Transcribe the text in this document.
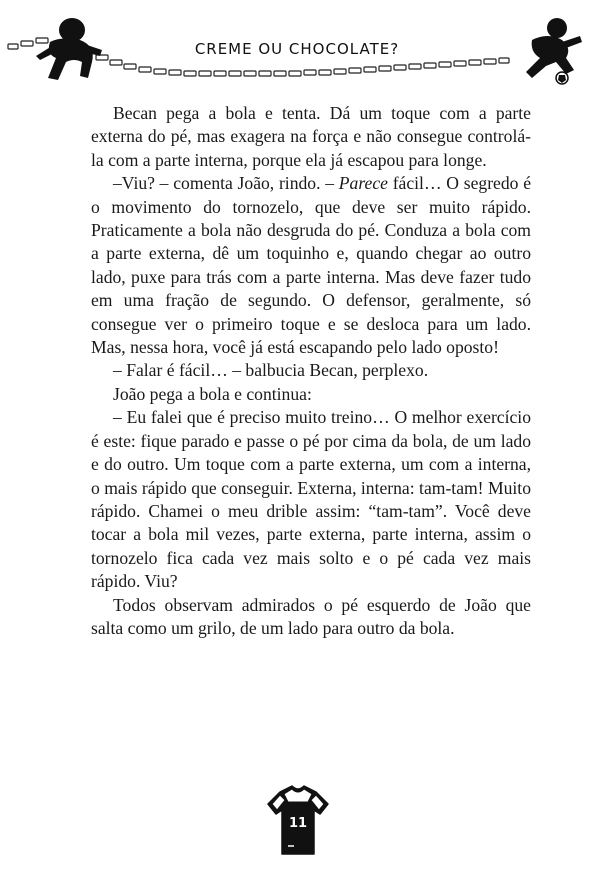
CREME OU CHOCOLATE?

Becan pega a bola e tenta. Dá um toque com a parte externa do pé, mas exagera na força e não consegue controlá-la com a parte interna, porque ela já escapou para longe.

–Viu? – comenta João, rindo. – Parece fácil… O segredo é o movimento do tornozelo, que deve ser muito rápido. Praticamente a bola não desgruda do pé. Conduza a bola com a parte externa, dê um toquinho e, quando chegar ao outro lado, puxe para trás com a parte interna. Mas deve fazer tudo em uma fração de segundo. O defensor, geralmente, só consegue ver o primeiro toque e se desloca para um lado. Mas, nessa hora, você já está escapando pelo lado oposto!

– Falar é fácil… – balbucia Becan, perplexo.

João pega a bola e continua:

– Eu falei que é preciso muito treino… O melhor exercício é este: fique parado e passe o pé por cima da bola, de um lado e do outro. Um toque com a parte externa, um com a interna, o mais rápido que conseguir. Externa, interna: tam-tam! Muito rápido. Chamei o meu drible assim: “tam-tam”. Você deve tocar a bola mil vezes, parte externa, parte interna, assim o tornozelo fica cada vez mais solto e o pé cada vez mais rápido. Viu?

Todos observam admirados o pé esquerdo de João que salta como um grilo, de um lado para outro da bola.

11
